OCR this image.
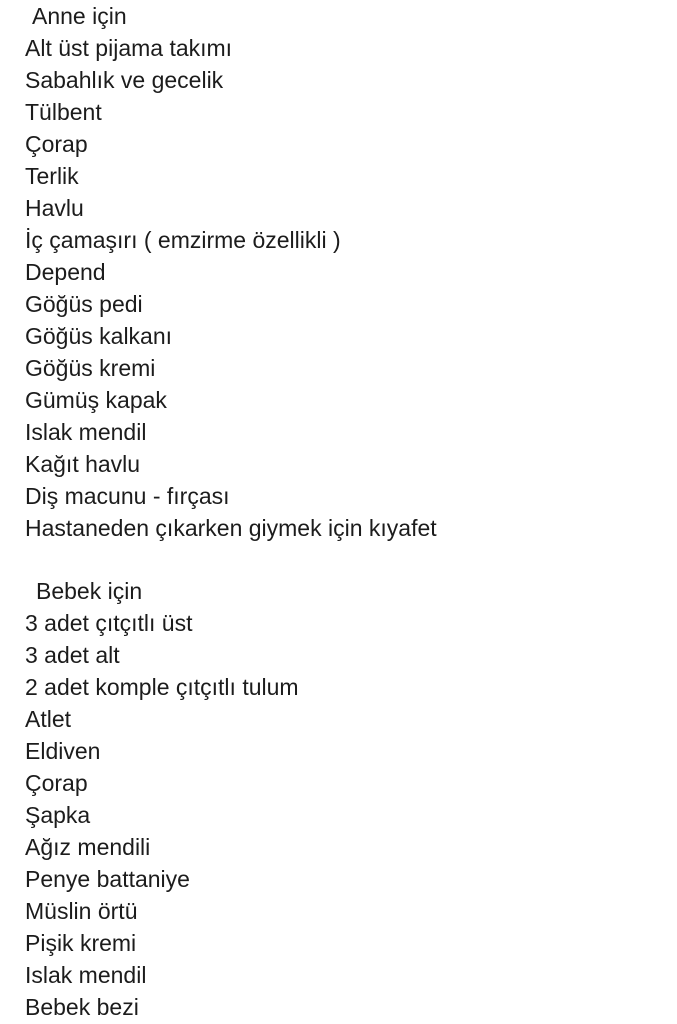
Anne için
Alt üst pijama takımı
Sabahlık ve gecelik
Tülbent
Çorap
Terlik
Havlu
İç çamaşırı ( emzirme özellikli )
Depend
Göğüs pedi
Göğüs kalkanı
Göğüs kremi
Gümüş kapak
Islak mendil
Kağıt havlu
Diş macunu - fırçası
Hastaneden çıkarken giymek için kıyafet
Bebek için
3 adet çıtçıtlı üst
3 adet alt
2 adet komple çıtçıtlı tulum
Atlet
Eldiven
Çorap
Şapka
Ağız mendili
Penye battaniye
Müslin örtü
Pişik kremi
Islak mendil
Bebek bezi
